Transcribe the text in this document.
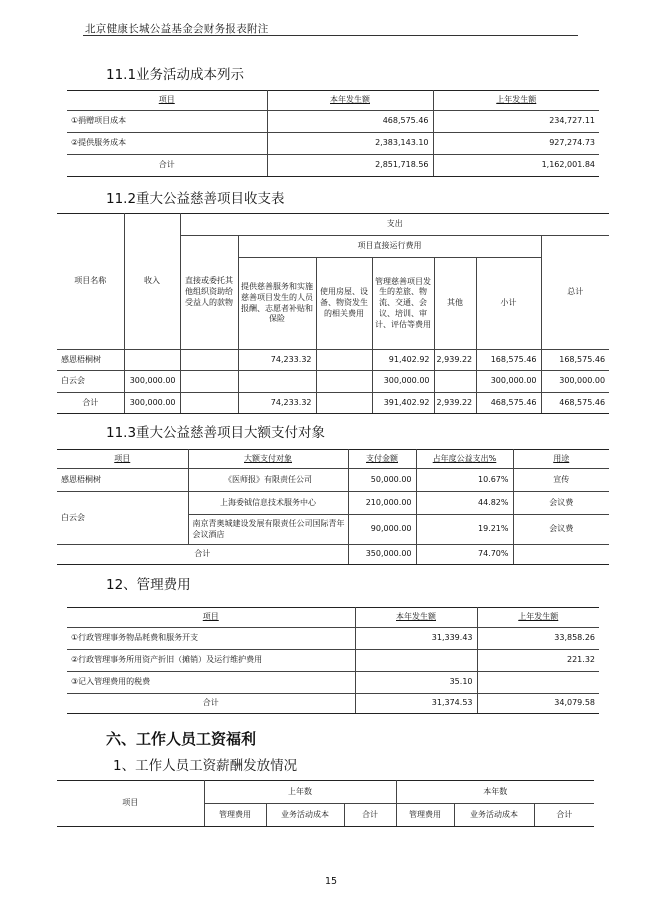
北京健康长城公益基金会财务报表附注
11.1业务活动成本列示
项目	本年发生额	上年发生额
①捐赠项目成本	468,575.46	234,727.11
②提供服务成本	2,383,143.10	927,274.73
合计	2,851,718.56	1,162,001.84
11.2重大公益慈善项目收支表
项目名称	收入	支出						
		直接或委托其他组织资助给受益人的款物	项目直接运行费用					总计
			提供慈善服务和实施慈善项目发生的人员报酬、志愿者补贴和保险	使用房屋、设备、物资发生的相关费用	管理慈善项目发生的差旅、物流、交通、会议、培训、审计、评估等费用	其他	小计	
感恩梧桐树			74,233.32		91,402.92	2,939.22	168,575.46	168,575.46
白云会	300,000.00				300,000.00		300,000.00	300,000.00
合计	300,000.00		74,233.32		391,402.92	2,939.22	468,575.46	468,575.46
11.3重大公益慈善项目大额支付对象
项目	大额支付对象	支付金额	占年度公益支出%	用途
感恩梧桐树	《医师报》有限责任公司	50,000.00	10.67%	宣传
白云会	上海委钺信息技术服务中心	210,000.00	44.82%	会议费
	南京青奥城建设发展有限责任公司国际青年会议酒店	90,000.00	19.21%	会议费
合计		350,000.00	74.70%	
12、管理费用
项目	本年发生额	上年发生额
①行政管理事务物品耗费和服务开支	31,339.43	33,858.26
②行政管理事务所用资产折旧（摊销）及运行维护费用		221.32
③记入管理费用的税费	35.10	
合计	31,374.53	34,079.58
六、工作人员工资福利
1、工作人员工资薪酬发放情况
项目	上年数			本年数		
	管理费用	业务活动成本	合计	管理费用	业务活动成本	合计
15
